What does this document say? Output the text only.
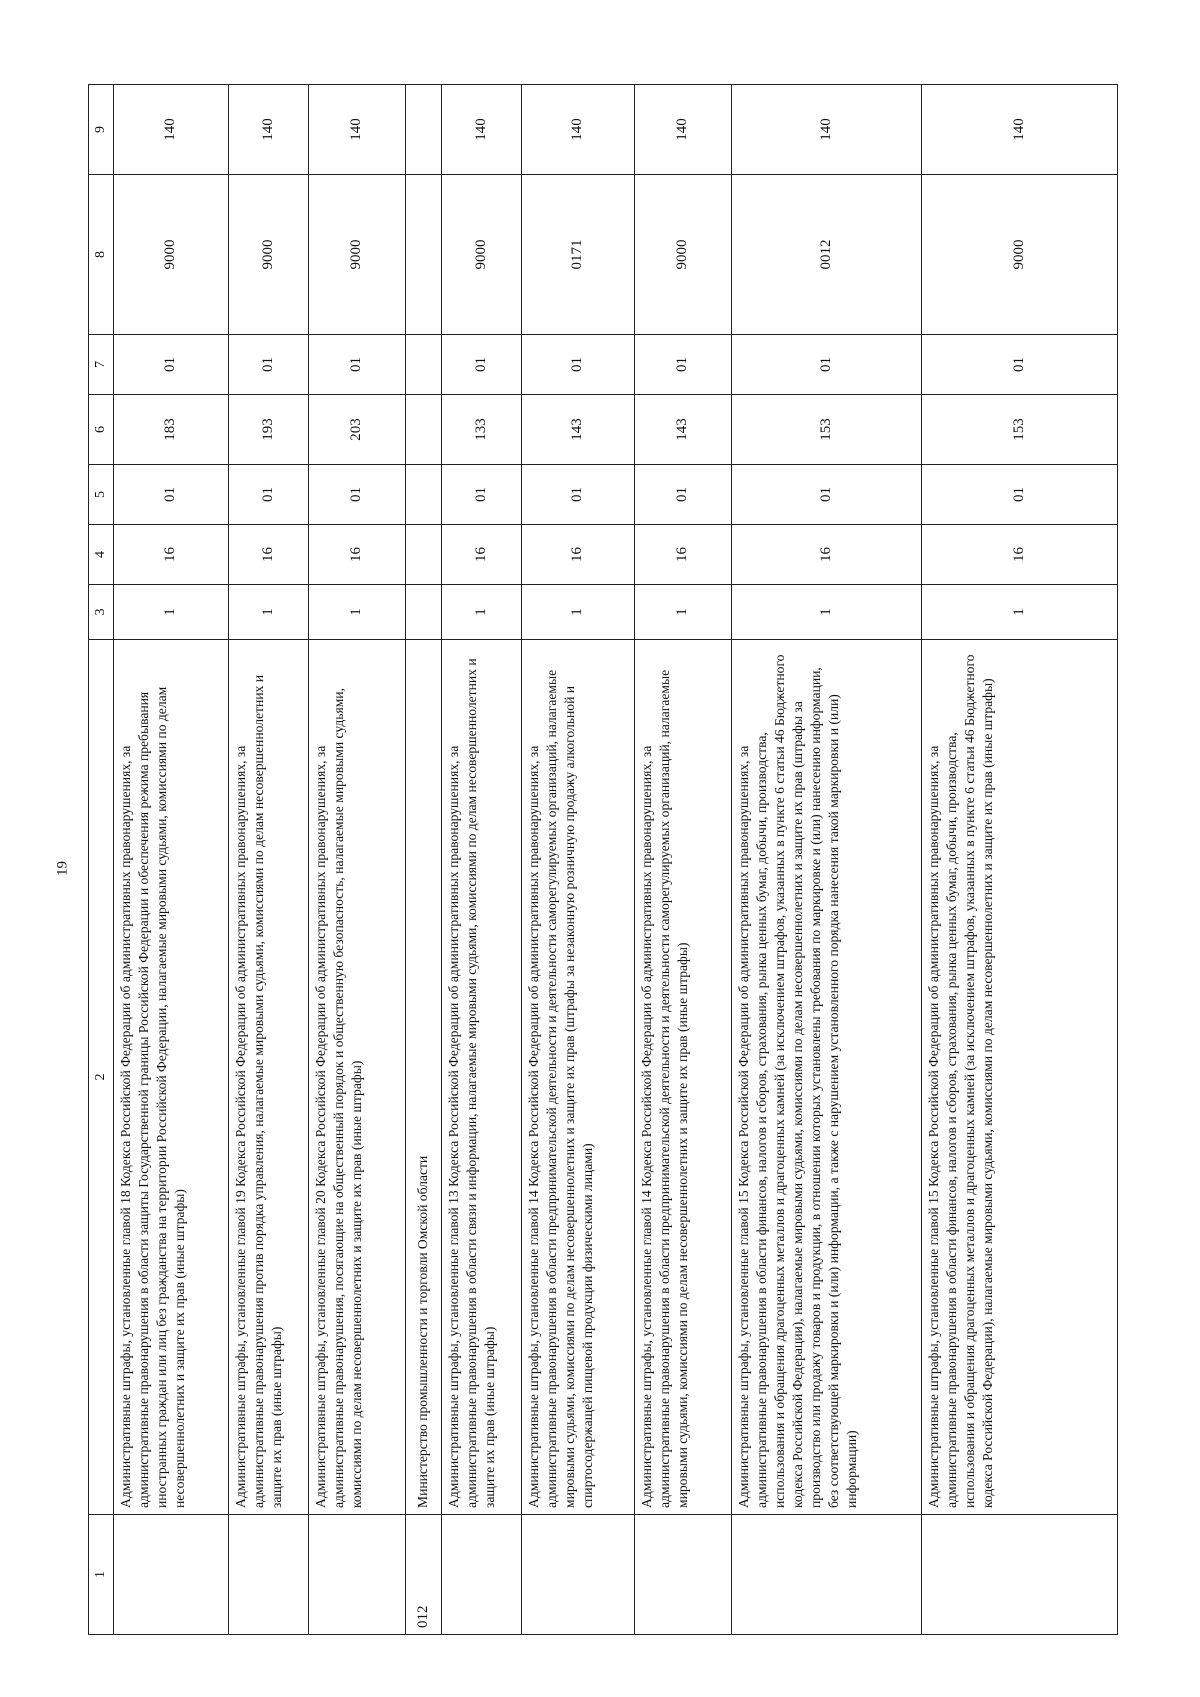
19
1	2	3	4	5	6	7	8	9
	Административные штрафы, установленные главой 18 Кодекса Российской Федерации об административных правонарушениях, за административные правонарушения в области защиты Государственной границы Российской Федерации и обеспечения режима пребывания иностранных граждан или лиц без гражданства на территории Российской Федерации, налагаемые мировыми судьями, комиссиями по делам несовершеннолетних и защите их прав (иные штрафы)	1	16	01	183	01	9000	140
	Административные штрафы, установленные главой 19 Кодекса Российской Федерации об административных правонарушениях, за административные правонарушения против порядка управления, налагаемые мировыми судьями, комиссиями по делам несовершеннолетних и защите их прав (иные штрафы)	1	16	01	193	01	9000	140
	Административные штрафы, установленные главой 20 Кодекса Российской Федерации об административных правонарушениях, за административные правонарушения, посягающие на общественный порядок и общественную безопасность, налагаемые мировыми судьями, комиссиями по делам несовершеннолетних и защите их прав (иные штрафы)	1	16	01	203	01	9000	140
012	Министерство промышленности и торговли Омской области							
	Административные штрафы, установленные главой 13 Кодекса Российской Федерации об административных правонарушениях, за административные правонарушения в области связи и информации, налагаемые мировыми судьями, комиссиями по делам несовершеннолетних и защите их прав (иные штрафы)	1	16	01	133	01	9000	140
	Административные штрафы, установленные главой 14 Кодекса Российской Федерации об административных правонарушениях, за административные правонарушения в области предпринимательской деятельности и деятельности саморегулируемых организаций, налагаемые мировыми судьями, комиссиями по делам несовершеннолетних и защите их прав (штрафы за незаконную розничную продажу алкогольной и спиртосодержащей пищевой продукции физическими лицами)	1	16	01	143	01	0171	140
	Административные штрафы, установленные главой 14 Кодекса Российской Федерации об административных правонарушениях, за административные правонарушения в области предпринимательской деятельности и деятельности саморегулируемых организаций, налагаемые мировыми судьями, комиссиями по делам несовершеннолетних и защите их прав (иные штрафы)	1	16	01	143	01	9000	140
	Административные штрафы, установленные главой 15 Кодекса Российской Федерации об административных правонарушениях, за административные правонарушения в области финансов, налогов и сборов, страхования, рынка ценных бумаг, добычи, производства, использования и обращения драгоценных металлов и драгоценных камней (за исключением штрафов, указанных в пункте 6 статьи 46 Бюджетного кодекса Российской Федерации), налагаемые мировыми судьями, комиссиями по делам несовершеннолетних и защите их прав (штрафы за производство или продажу товаров и продукции, в отношении которых установлены требования по маркировке и (или) нанесению информации, без соответствующей маркировки и (или) информации, а также с нарушением установленного порядка нанесения такой маркировки и (или) информации)	1	16	01	153	01	0012	140
	Административные штрафы, установленные главой 15 Кодекса Российской Федерации об административных правонарушениях, за административные правонарушения в области финансов, налогов и сборов, страхования, рынка ценных бумаг, добычи, производства, использования и обращения драгоценных металлов и драгоценных камней (за исключением штрафов, указанных в пункте 6 статьи 46 Бюджетного кодекса Российской Федерации), налагаемые мировыми судьями, комиссиями по делам несовершеннолетних и защите их прав (иные штрафы)	1	16	01	153	01	9000	140
